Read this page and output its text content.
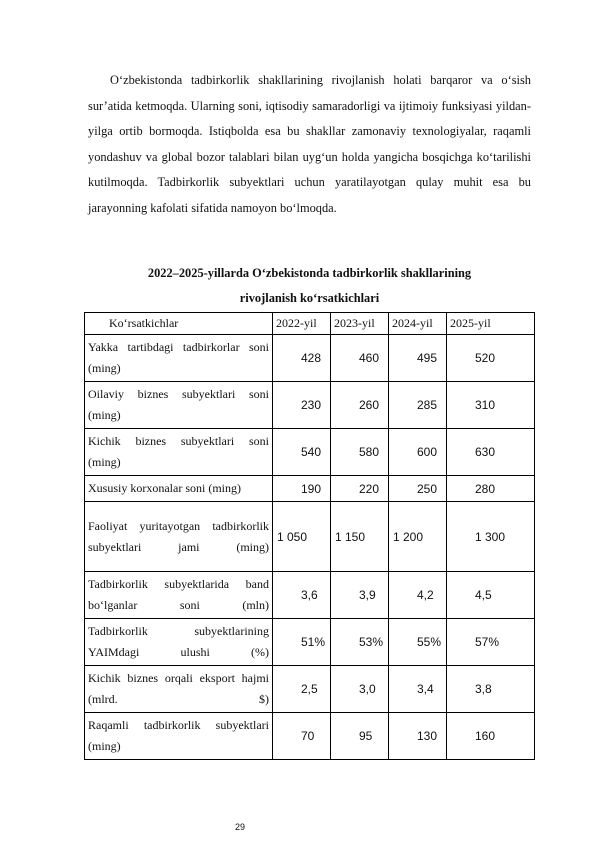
O‘zbekistonda tadbirkorlik shakllarining rivojlanish holati barqaror va o‘sish sur’atida ketmoqda. Ularning soni, iqtisodiy samaradorligi va ijtimoiy funksiyasi yildan-yilga ortib bormoqda. Istiqbolda esa bu shakllar zamonaviy texnologiyalar, raqamli yondashuv va global bozor talablari bilan uyg‘un holda yangicha bosqichga ko‘tarilishi kutilmoqda. Tadbirkorlik subyektlari uchun yaratilayotgan qulay muhit esa bu jarayonning kafolati sifatida namoyon bo‘lmoqda.

2022–2025-yillarda O‘zbekistonda tadbirkorlik shakllarining

rivojlanish ko‘rsatkichlari

Ko‘rsatkichlar	2022-yil	2023-yil	2024-yil	2025-yil
Yakka tartibdagi tadbirkorlar soni (ming)	428	460	495	520
Oilaviy biznes subyektlari soni (ming)	230	260	285	310
Kichik biznes subyektlari soni (ming)	540	580	600	630
Xususiy korxonalar soni (ming)	190	220	250	280
Faoliyat yuritayotgan tadbirkorlik subyektlari jami (ming)	1 050	1 150	1 200	1 300
Tadbirkorlik subyektlarida band bo‘lganlar soni (mln)	3,6	3,9	4,2	4,5
Tadbirkorlik subyektlarining YAIMdagi ulushi (%)	51%	53%	55%	57%
Kichik biznes orqali eksport hajmi (mlrd. $)	2,5	3,0	3,4	3,8
Raqamli tadbirkorlik subyektlari (ming)	70	95	130	160
29
